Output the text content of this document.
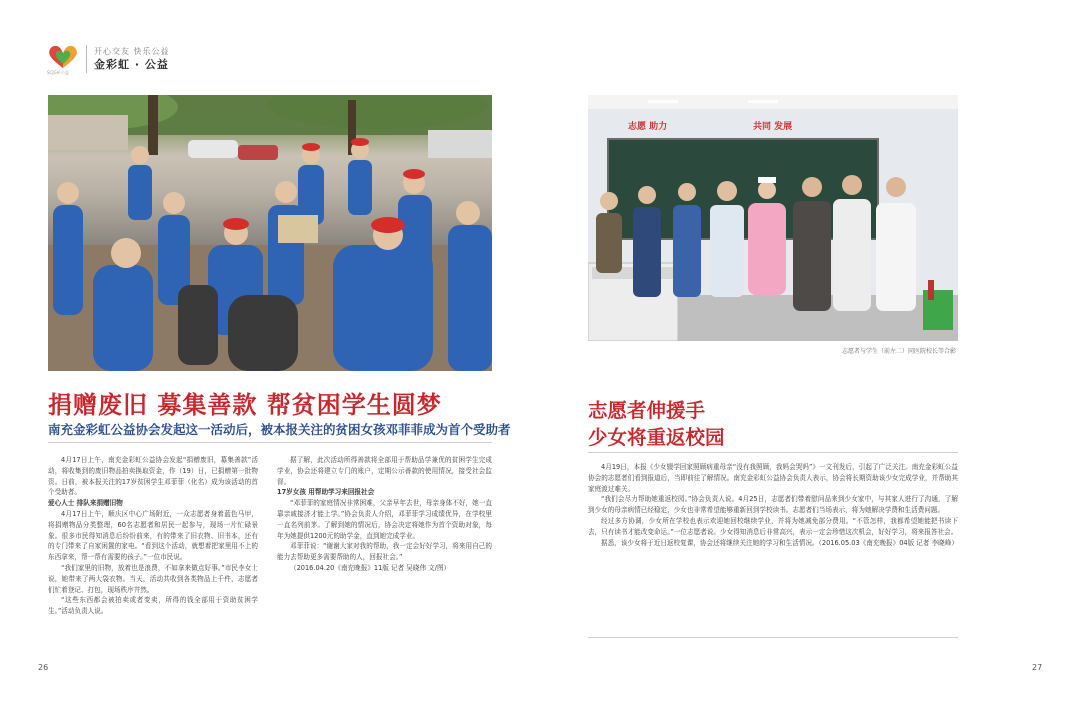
SCJGH·公益
开心交友 快乐公益
金彩虹 · 公益
志愿 助力	共同 发展
志愿者与学生（前左二）同医院校长等合影
捐赠废旧 募集善款 帮贫困学生圆梦
南充金彩虹公益协会发起这一活动后，被本报关注的贫困女孩邓菲菲成为首个受助者

4月17日上午，南充金彩虹公益协会发起“捐赠废旧，募集善款”活动，将收集到的废旧物品拍卖换取资金，作（19）日，已捐赠第一批物资。日前，被本报关注的17岁贫困学生邓菲菲（化名）成为该活动的首个受助者。

爱心人士 排队来捐赠旧物

4月17日上午，顺庆区中心广场附近，一众志愿者身着蓝色马甲，将捐赠物品分类整理，60名志愿者和居民一起参与，现场一片忙碌景象。很多市民得知消息后纷纷前来，有的带来了旧衣物、旧书本，还有的专门带来了自家闲置的家电。“看到这个活动，就想着把家里用不上的东西拿来，帮一帮有需要的孩子。”一位市民说。

“我们家里的旧物，放着也是浪费，不如拿来做点好事。”市民李女士说，她带来了两大袋衣物。当天，活动共收到各类物品上千件，志愿者们忙着登记、打包，现场秩序井然。

“这些东西都会被拍卖或者变卖，所得的钱全部用于资助贫困学生。”活动负责人说。

据了解，此次活动所得善款将全部用于帮助品学兼优的贫困学生完成学业，协会还将建立专门的账户，定期公示善款的使用情况，接受社会监督。

17岁女孩 用帮助学习来回报社会

“邓菲菲的家庭情况非常困难，父亲早年去世，母亲身体不好，她一直靠亲戚接济才能上学。”协会负责人介绍，邓菲菲学习成绩优异，在学校里一直名列前茅。了解到她的情况后，协会决定将她作为首个资助对象，每年为她提供1200元的助学金，直到她完成学业。

邓菲菲说：“谢谢大家对我的帮助，我一定会好好学习，将来用自己的能力去帮助更多需要帮助的人，回报社会。”

（2016.04.20《南充晚报》11版 记者 吴晓伟 文/图）

志愿者伸援手
少女将重返校园

4月19日，本报《少女辍学回家照顾病重母亲“没有我照顾，我妈会哭吗”》一文刊发后，引起了广泛关注。南充金彩虹公益协会的志愿者们看到报道后，当即前往了解情况。南充金彩虹公益协会负责人表示，协会将长期资助该少女完成学业，并帮助其家庭渡过难关。

“我们会尽力帮助她重返校园。”协会负责人说。4月25日，志愿者们带着慰问品来到少女家中，与其家人进行了沟通，了解到少女的母亲病情已经稳定，少女也非常希望能够重新回到学校读书。志愿者们当场表示，将为她解决学费和生活费问题。

经过多方协调，少女所在学校也表示欢迎她回校继续学业，并将为她减免部分费用。“不管怎样，我都希望她能把书读下去，只有读书才能改变命运。”一位志愿者说。少女得知消息后非常高兴，表示一定会珍惜这次机会，好好学习，将来报答社会。

据悉，该少女将于近日返校复课，协会还将继续关注她的学习和生活情况。（2016.05.03《南充晚报》04版 记者 李晓峰）

26	27
